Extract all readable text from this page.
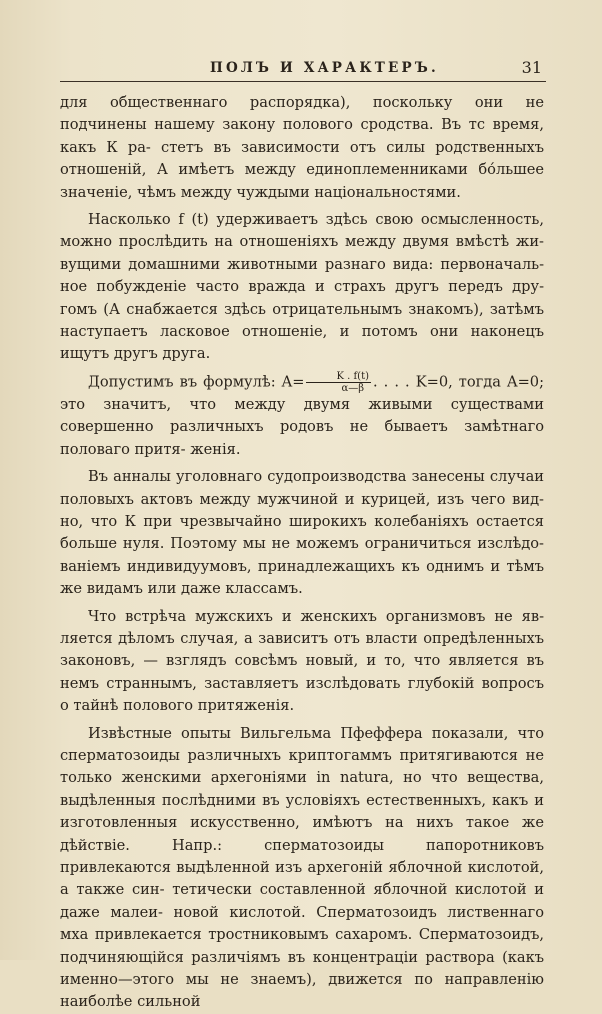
ПОЛЪ И ХАРАКТЕРЪ.	31

для общественнаго распорядка), поскольку они не подчинены нашему закону полового сродства. Въ тс время, какъ К ра- стетъ въ зависимости отъ силы родственныхъ отношеній, А имѣетъ между единоплеменниками бо́льшее значеніе, чѣмъ между чуждыми національностями.

Насколько f (t) удерживаетъ здѣсь свою осмысленность, можно прослѣдить на отношеніяхъ между двумя вмѣстѣ жи- вущими домашними животными разнаго вида: первоначаль- ное побужденіе часто вражда и страхъ другъ передъ дру- гомъ (А снабжается здѣсь отрицательнымъ знакомъ), затѣмъ наступаетъ ласковое отношеніе, и потомъ они наконецъ ищутъ другъ друга.

Допустимъ въ формулѣ: $A= \frac{K . f(t)}{\alpha—\beta}$ . . . . K=0, тогда A=0; это значитъ, что между двумя живыми существами совершенно различныхъ родовъ не бываетъ замѣтнаго половаго притя- женія.

Въ анналы уголовнаго судопроизводства занесены случаи половыхъ актовъ между мужчиной и курицей, изъ чего вид- но, что К при чрезвычайно широкихъ колебаніяхъ остается больше нуля. Поэтому мы не можемъ ограничиться изслѣдо- ваніемъ индивидуумовъ, принадлежащихъ къ однимъ и тѣмъ же видамъ или даже классамъ.

Что встрѣча мужскихъ и женскихъ организмовъ не яв- ляется дѣломъ случая, а зависитъ отъ власти опредѣленныхъ законовъ, — взглядъ совсѣмъ новый, и то, что является въ немъ страннымъ, заставляетъ изслѣдовать глубокій вопросъ о тайнѣ полового притяженія.

Извѣстные опыты Вильгельма Пфеффера показали, что сперматозоиды различныхъ криптогаммъ притягиваются не только женскими архегоніями in natura, но что вещества, выдѣленныя послѣдними въ условіяхъ естественныхъ, какъ и изготовленныя искусственно, имѣютъ на нихъ такое же дѣйствіе. Напр.: сперматозоиды папоротниковъ привлекаются выдѣленной изъ архегоній яблочной кислотой, а также син- тетически составленной яблочной кислотой и даже малеи- новой кислотой. Сперматозоидъ лиственнаго мха привлекается тростниковымъ сахаромъ. Сперматозоидъ, подчиняющійся различіямъ въ концентраціи раствора (какъ именно—этого мы не знаемъ), движется по направленію наиболѣе сильной
